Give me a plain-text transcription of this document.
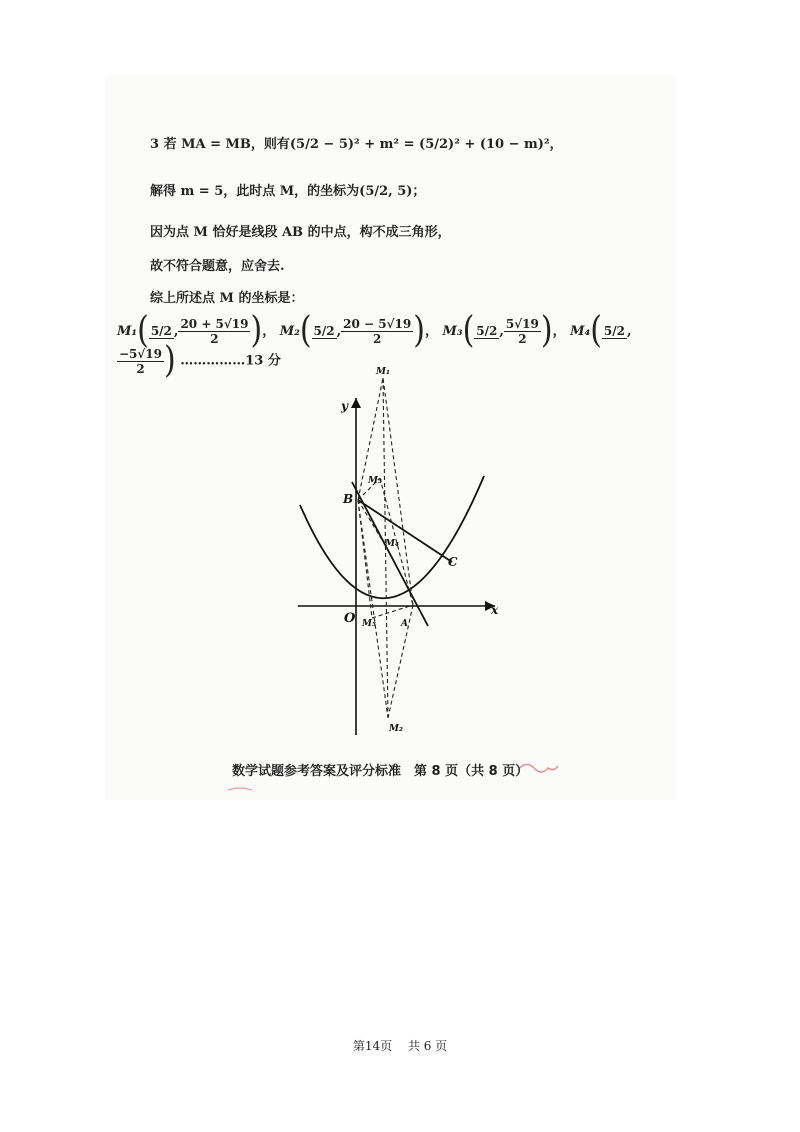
3 若 MA = MB，则有(5/2 − 5)² + m² = (5/2)² + (10 − m)²，
解得 m = 5，此时点 M，的坐标为(5/2, 5)；
因为点 M 恰好是线段 AB 的中点，构不成三角形，
故不符合题意，应舍去.
综上所述点 M 的坐标是：
M₁( 5/2 , $\frac{20 + 5√19}{2}$ )， M₂( 5/2 , $\frac{20 - 5√19}{2}$ )， M₃( 5/2 , $\frac{5√19}{2}$ )， M₄( 5/2 ,
$\frac{-5√19}{2}$ ) ……………13 分
O
x
y
B
C
A
M₁
M₂
M₃
M₄
M₅
数学试题参考答案及评分标准　第 8 页（共 8 页）
第14页 共 6 页
